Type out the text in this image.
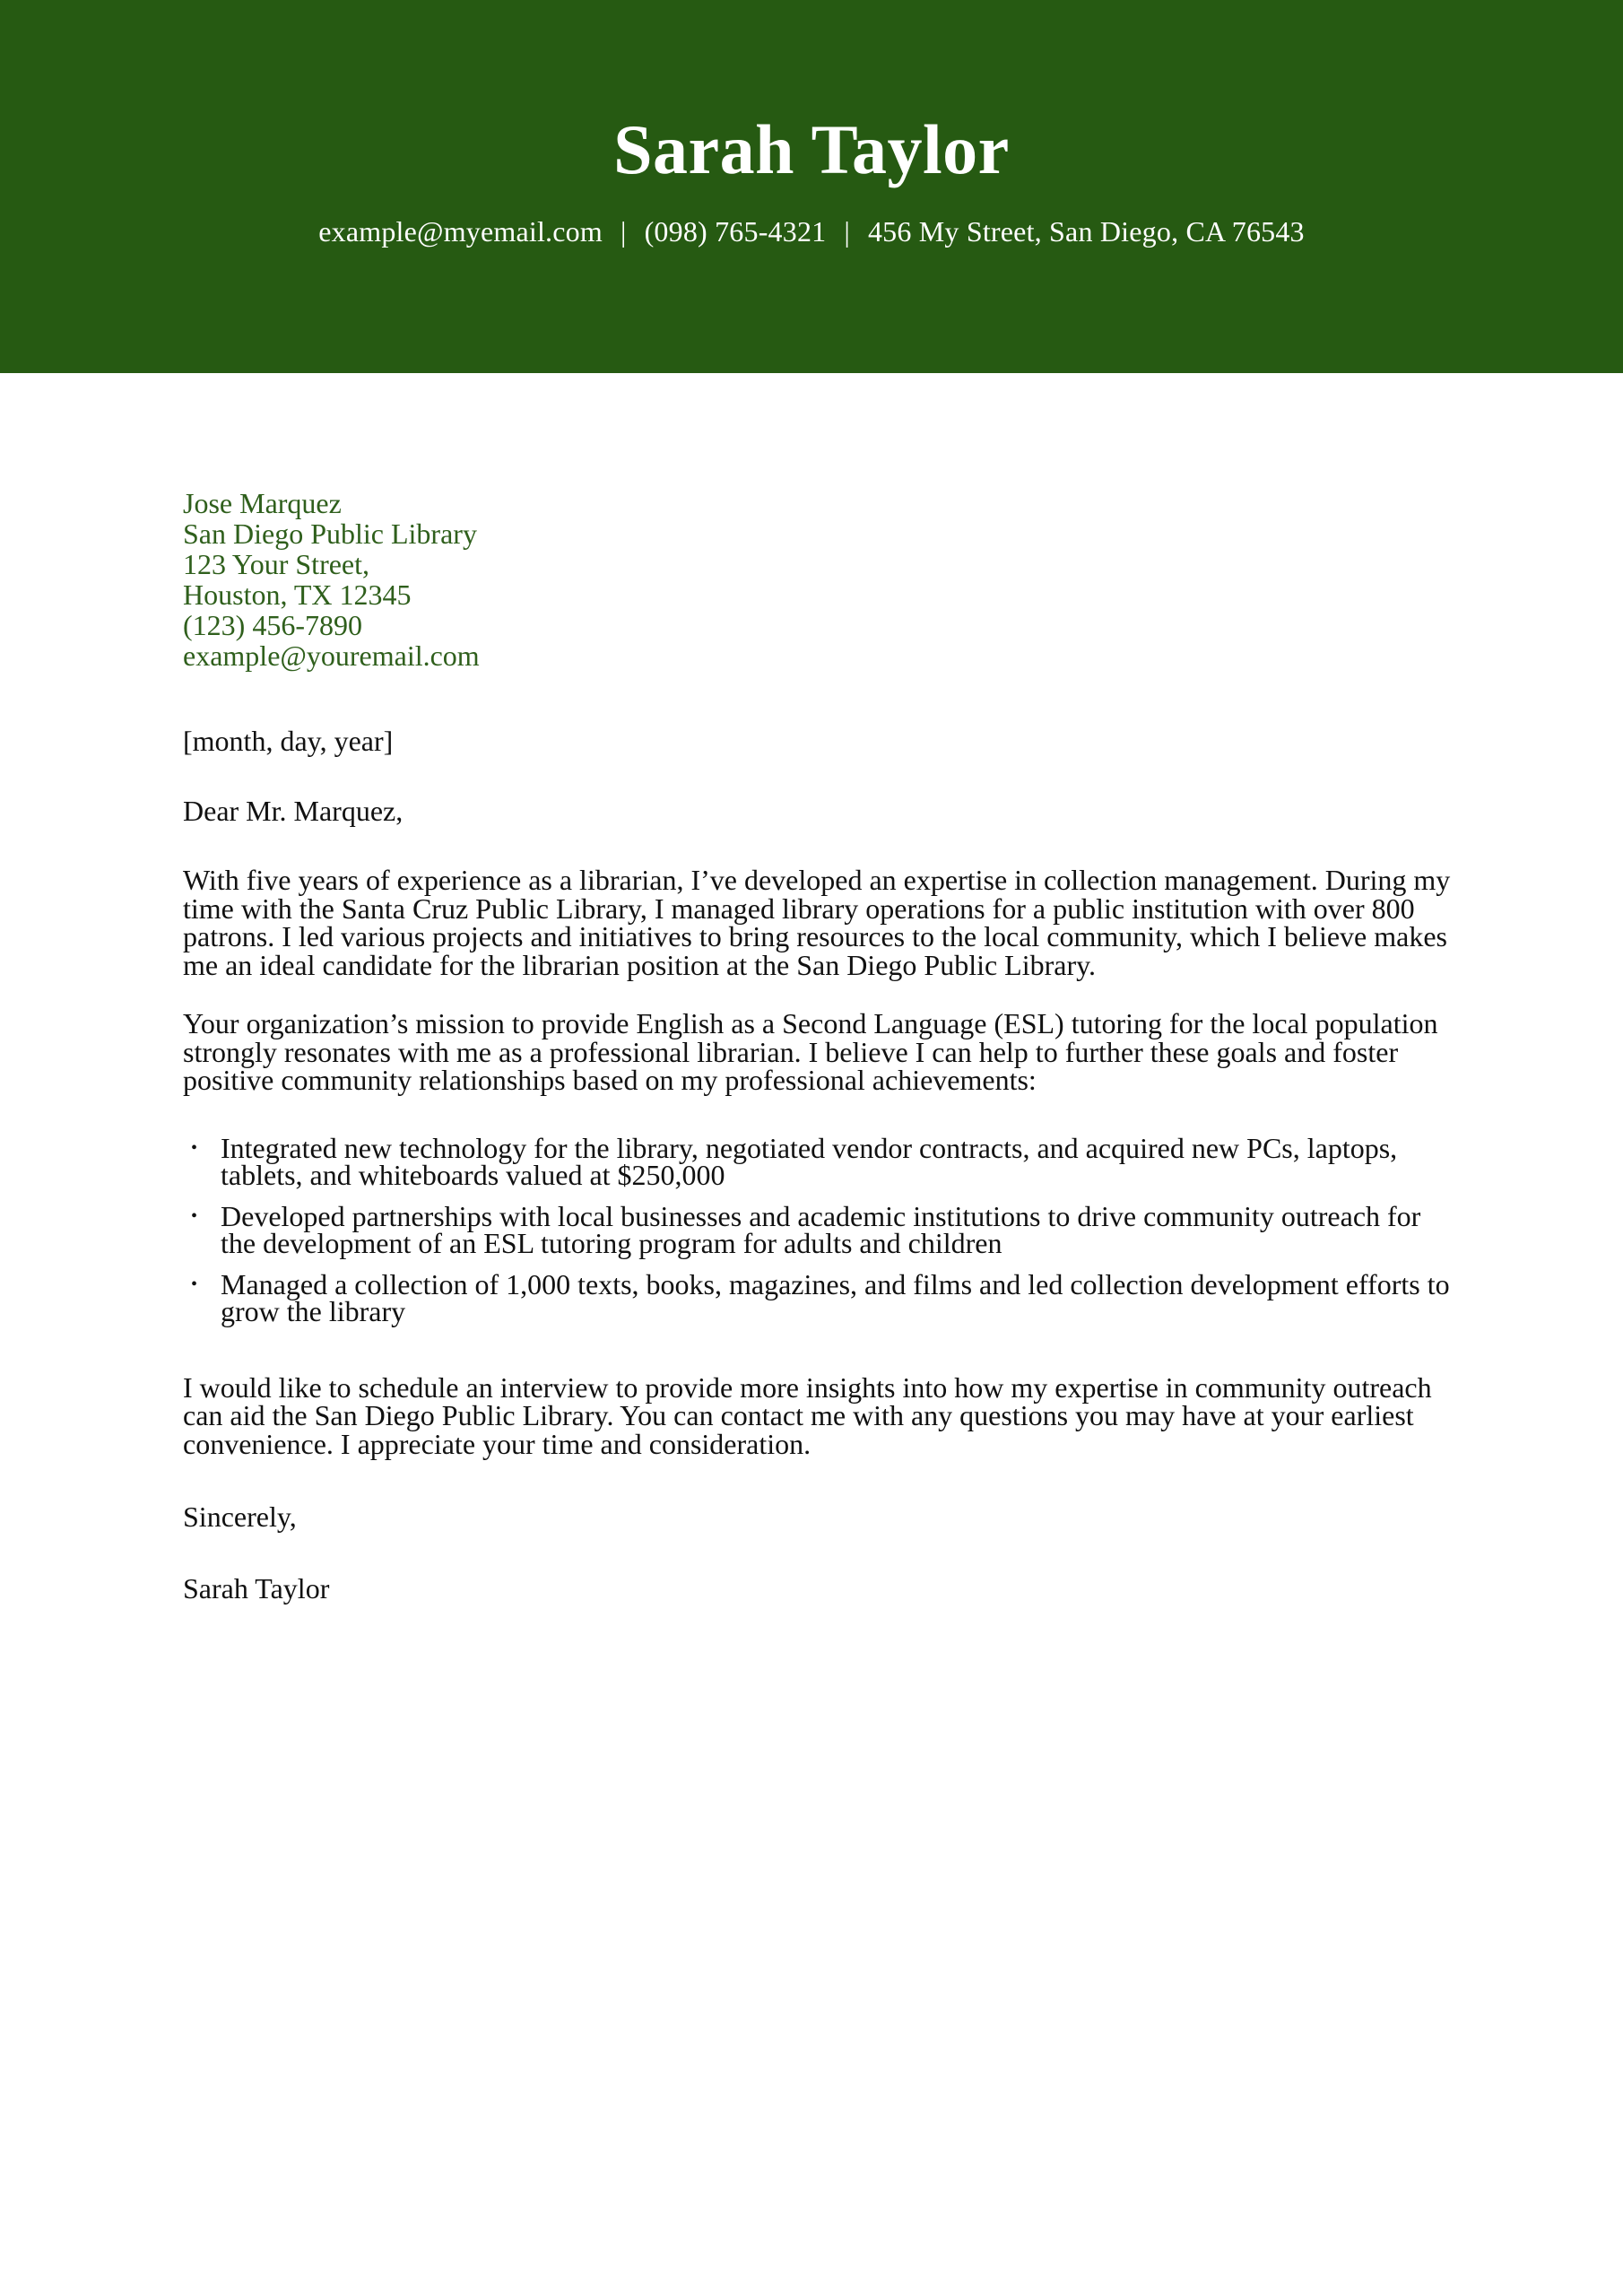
Sarah Taylor
example@myemail.com | (098) 765-4321 | 456 My Street, San Diego, CA 76543
Jose Marquez
San Diego Public Library
123 Your Street,
Houston, TX 12345
(123) 456-7890
example@youremail.com
[month, day, year]
Dear Mr. Marquez,

With five years of experience as a librarian, I’ve developed an expertise in collection management. During my time with the Santa Cruz Public Library, I managed library operations for a public institution with over 800 patrons. I led various projects and initiatives to bring resources to the local community, which I believe makes me an ideal candidate for the librarian position at the San Diego Public Library.

Your organization’s mission to provide English as a Second Language (ESL) tutoring for the local population strongly resonates with me as a professional librarian. I believe I can help to further these goals and foster positive community relationships based on my professional achievements:

• Integrated new technology for the library, negotiated vendor contracts, and acquired new PCs, laptops, tablets, and whiteboards valued at $250,000
• Developed partnerships with local businesses and academic institutions to drive community outreach for the development of an ESL tutoring program for adults and children
• Managed a collection of 1,000 texts, books, magazines, and films and led collection development efforts to grow the library

I would like to schedule an interview to provide more insights into how my expertise in community outreach can aid the San Diego Public Library. You can contact me with any questions you may have at your earliest convenience. I appreciate your time and consideration.

Sincerely,
Sarah Taylor
